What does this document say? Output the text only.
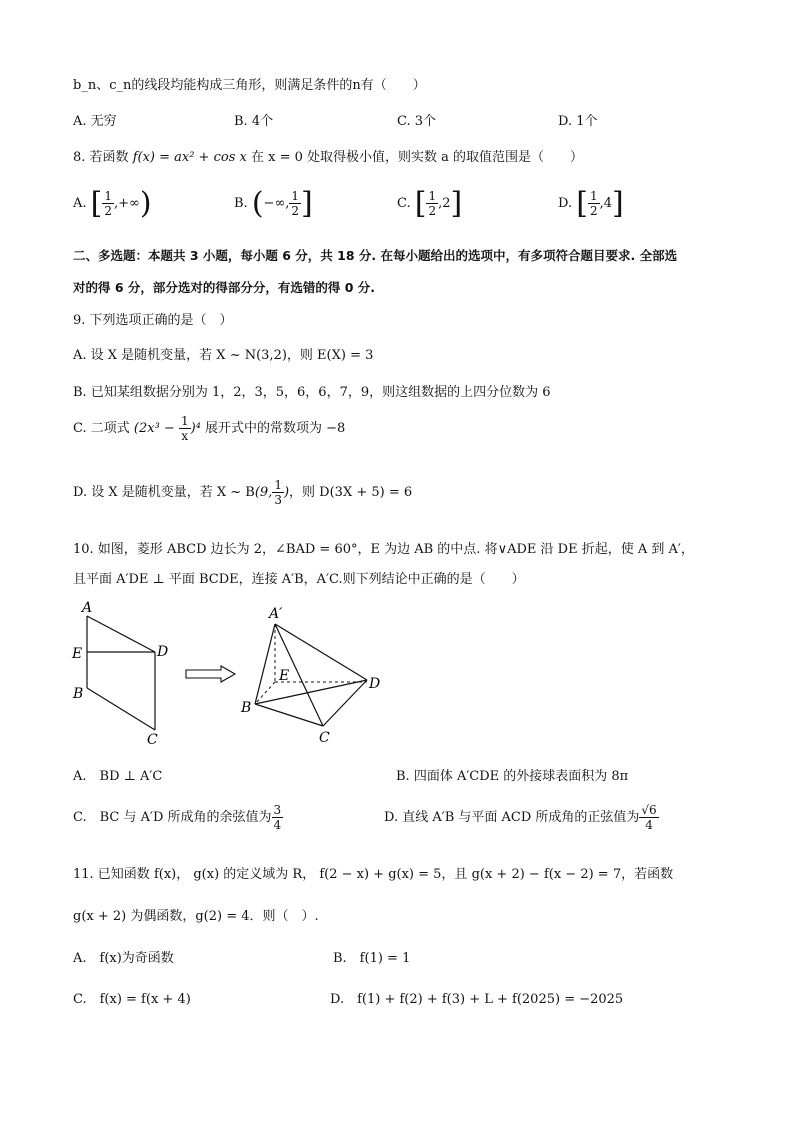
b_n、c_n的线段均能构成三角形，则满足条件的n有（　　）
A. 无穷	B. 4个	C. 3个	D. 1个
8. 若函数 f(x) = ax² + cos x 在 x = 0 处取得极小值，则实数 a 的取值范围是（　　）
A. [ $\frac{1}{2}$ ,+∞)	B. (−∞, $\frac{1}{2}$ ]	C. [ $\frac{1}{2} ,2$]	D. [ $\frac{1}{2} ,4$]
二、多选题：本题共 3 小题，每小题 6 分，共 18 分. 在每小题给出的选项中，有多项符合题目要求. 全部选
对的得 6 分，部分选对的得部分分，有选错的得 0 分.
9. 下列选项正确的是（　）
A. 设 X 是随机变量，若 X ~ N(3,2)，则 E(X) = 3
B. 已知某组数据分别为 1，2，3，5，6，6，7，9，则这组数据的上四分位数为 6
C. 二项式 $(2x^3 - \frac{1}{x} )^4$ 展开式中的常数项为 −8
D. 设 X 是随机变量，若 X ~ B(9, $\frac{1}{3}$ )，则 D(3X + 5) = 6
10. 如图，菱形 ABCD 边长为 2，∠BAD = 60°，E 为边 AB 的中点. 将∨ADE 沿 DE 折起，使 A 到 A′，
且平面 A′DE ⊥ 平面 BCDE，连接 A′B，A′C.则下列结论中正确的是（　　）
A
E	D
B
C
A′
E	D
B
C
A.　BD ⊥ A′C	B. 四面体 A′CDE 的外接球表面积为 8π
C.　BC 与 A′D 所成角的余弦值为 $\frac{3}{4}$	D. 直线 A′B 与平面 ACD 所成角的正弦值为 $\frac{√6}{4}$
11. 已知函数 f(x)， g(x) 的定义域为 R， f(2 − x) + g(x) = 5，且 g(x + 2) − f(x − 2) = 7，若函数
g(x + 2) 为偶函数，g(2) = 4．则（　）.
A.　f(x)为奇函数	B.　f(1) = 1
C.　f(x) = f(x + 4)	D.　f(1) + f(2) + f(3) + L + f(2025) = −2025
